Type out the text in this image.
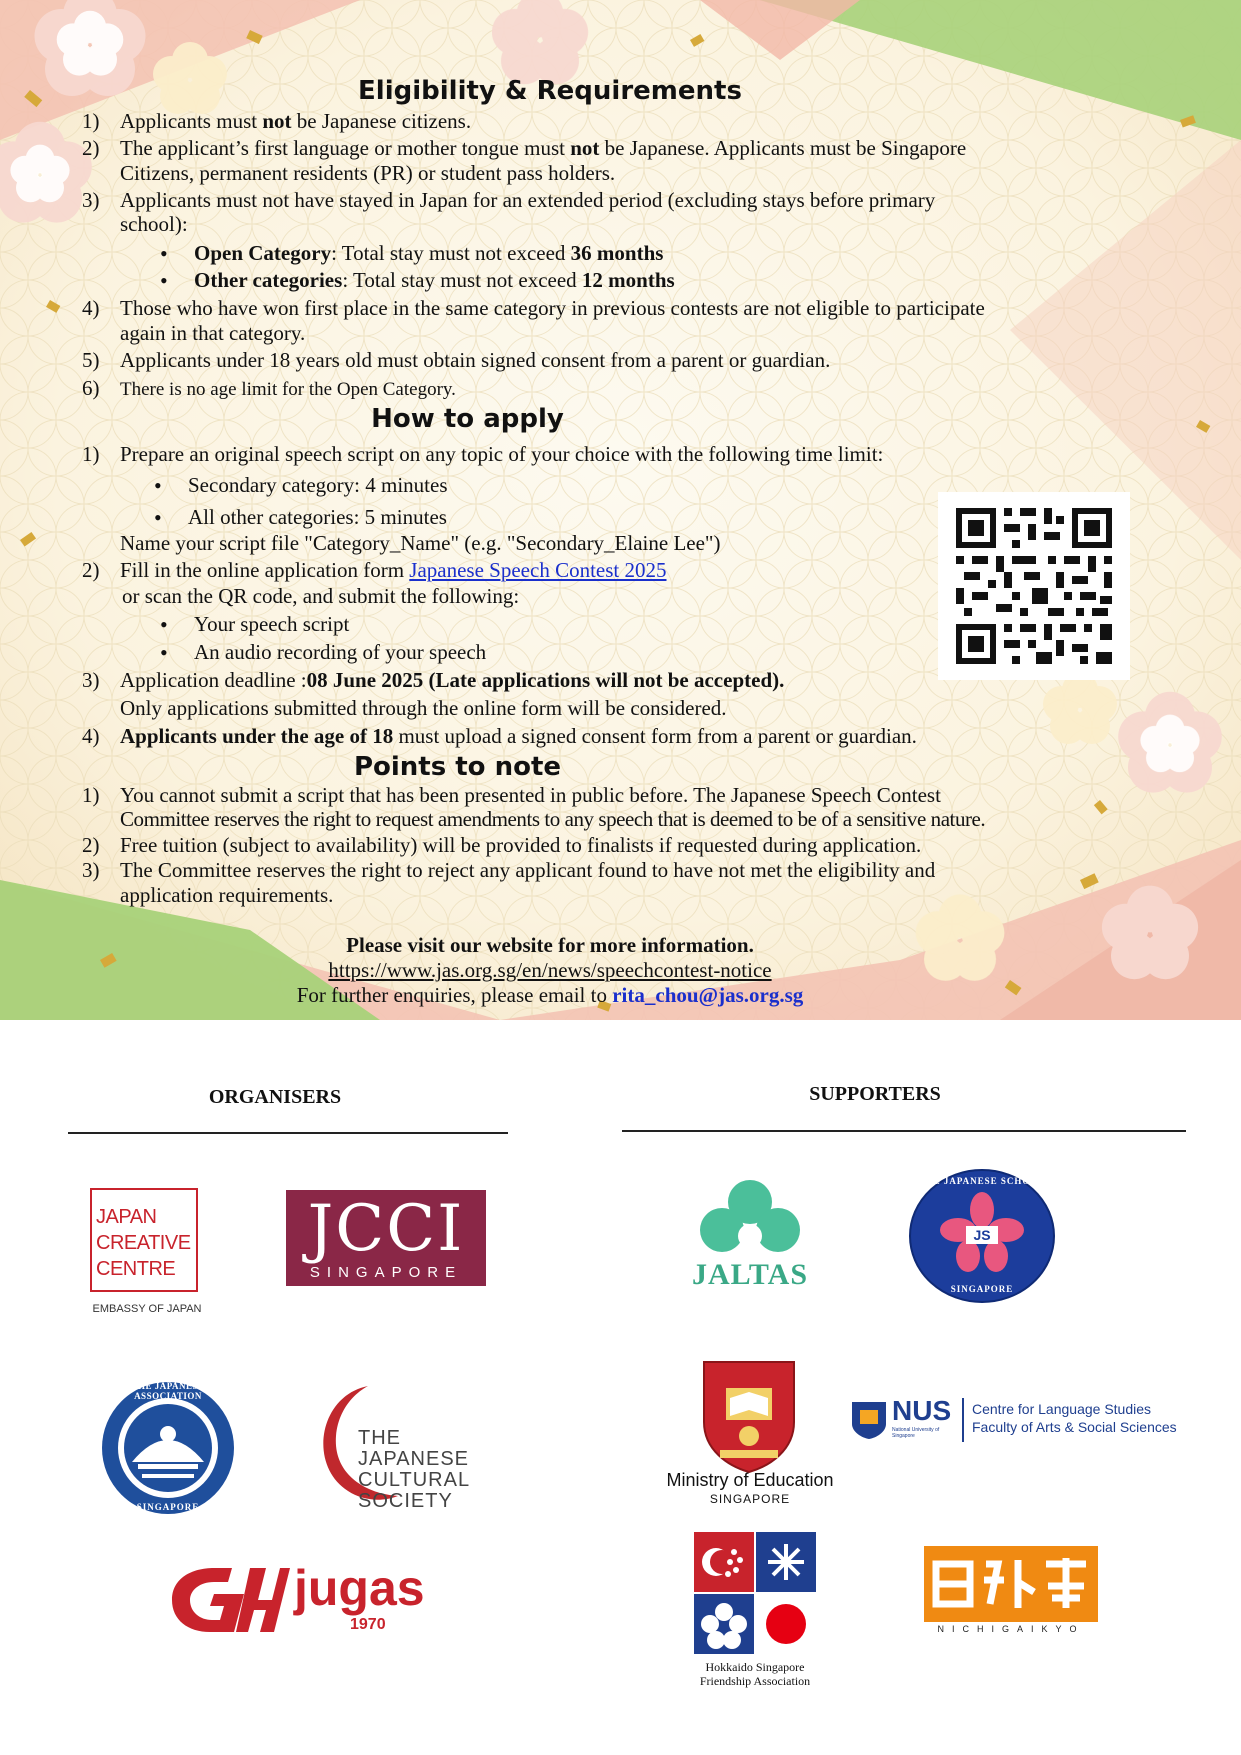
Eligibility & Requirements
1) Applicants must not be Japanese citizens.
2) The applicant’s first language or mother tongue must not be Japanese. Applicants must be Singapore
Citizens, permanent residents (PR) or student pass holders.
3) Applicants must not have stayed in Japan for an extended period (excluding stays before primary
school):
• Open Category: Total stay must not exceed 36 months
• Other categories: Total stay must not exceed 12 months
4) Those who have won first place in the same category in previous contests are not eligible to participate
again in that category.
5) Applicants under 18 years old must obtain signed consent from a parent or guardian.
6) There is no age limit for the Open Category.
How to apply
1) Prepare an original speech script on any topic of your choice with the following time limit:
• Secondary category: 4 minutes
• All other categories: 5 minutes
Name your script file "Category_Name" (e.g. "Secondary_Elaine Lee")
2) Fill in the online application form Japanese Speech Contest 2025
or scan the QR code, and submit the following:
• Your speech script
• An audio recording of your speech
3) Application deadline :08 June 2025 (Late applications will not be accepted).
Only applications submitted through the online form will be considered.
4) Applicants under the age of 18 must upload a signed consent form from a parent or guardian.
Points to note
1) You cannot submit a script that has been presented in public before. The Japanese Speech Contest
Committee reserves the right to request amendments to any speech that is deemed to be of a sensitive nature.
2) Free tuition (subject to availability) will be provided to finalists if requested during application.
3) The Committee reserves the right to reject any applicant found to have not met the eligibility and
application requirements.
Please visit our website for more information.
https://www.jas.org.sg/en/news/speechcontest-notice
For further enquiries, please email to rita_chou@jas.org.sg
ORGANISERS	SUPPORTERS
JAPAN
CREATIVE
CENTRE
EMBASSY OF JAPAN
JCCI
SINGAPORE
THE JAPANESE ASSOCIATION
SINGAPORE
THE
JAPANESE
CULTURAL
SOCIETY
jugas
1970
JALTAS
JS
THE JAPANESE SCHOOL
SINGAPORE
Ministry of Education
SINGAPORE
NUS
National University of Singapore
Centre for Language Studies
Faculty of Arts & Social Sciences
Hokkaido Singapore
Friendship Association
NICHIGAIKYO
